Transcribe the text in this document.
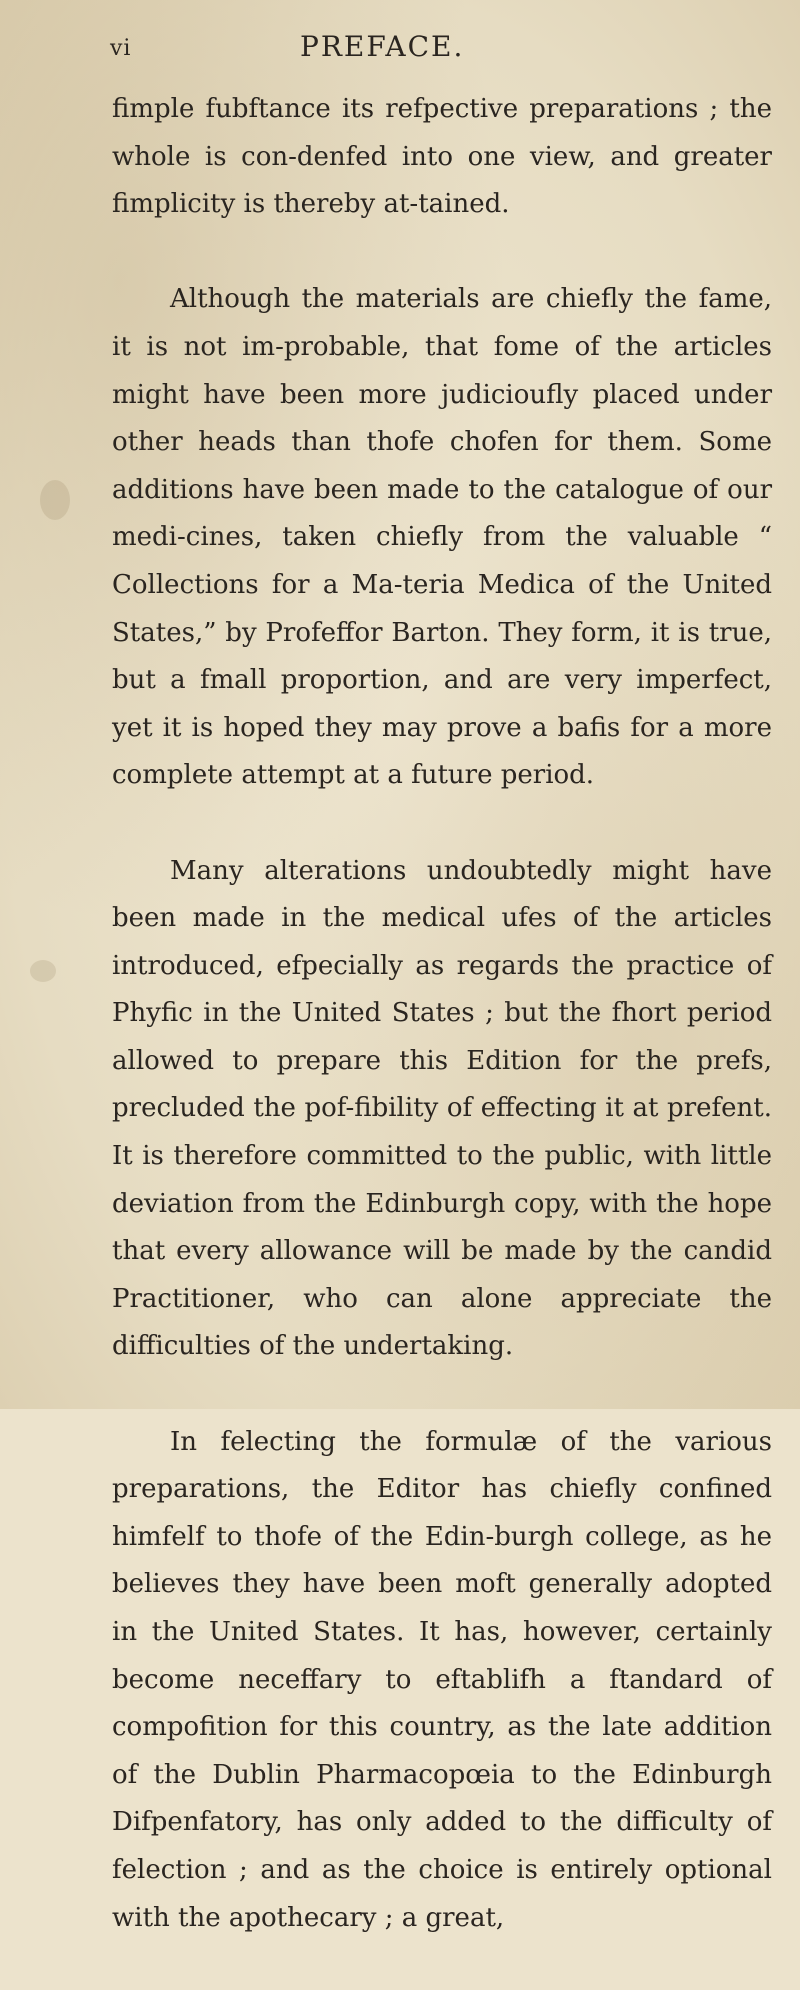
vi	PREFACE.

fimple fubftance its refpective preparations ; the whole is con-denfed into one view, and greater fimplicity is thereby at-tained.

Although the materials are chiefly the fame, it is not im-probable, that fome of the articles might have been more judicioufly placed under other heads than thofe chofen for them. Some additions have been made to the catalogue of our medi-cines, taken chiefly from the valuable “ Collections for a Ma-teria Medica of the United States,” by Profeffor Barton. They form, it is true, but a fmall proportion, and are very imperfect, yet it is hoped they may prove a bafis for a more complete attempt at a future period.

Many alterations undoubtedly might have been made in the medical ufes of the articles introduced, efpecially as regards the practice of Phyfic in the United States ; but the fhort period allowed to prepare this Edition for the prefs, precluded the pof-fibility of effecting it at prefent. It is therefore committed to the public, with little deviation from the Edinburgh copy, with the hope that every allowance will be made by the candid Practitioner, who can alone appreciate the difficulties of the undertaking.

In felecting the formulæ of the various preparations, the Editor has chiefly confined himfelf to thofe of the Edin-burgh college, as he believes they have been moft generally adopted in the United States. It has, however, certainly become neceffary to eftablifh a ftandard of compofition for this country, as the late addition of the Dublin Pharmacopœia to the Edinburgh Difpenfatory, has only added to the difficulty of felection ; and as the choice is entirely optional with the apothecary ; a great,
